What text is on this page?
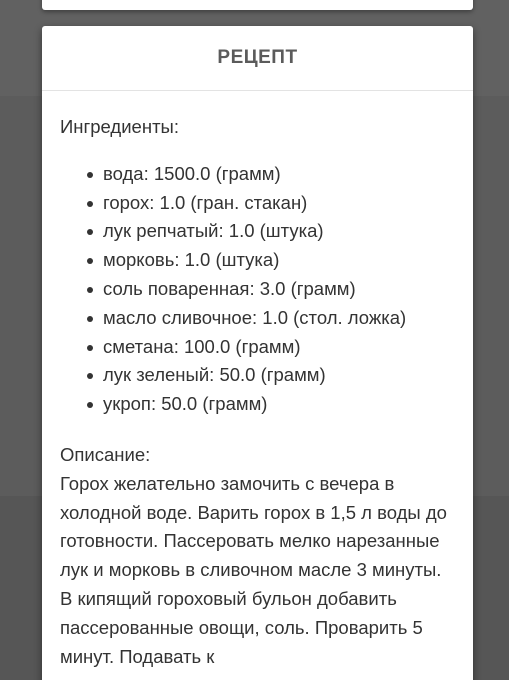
РЕЦЕПТ

Ингредиенты:

вода: 1500.0 (грамм)
горох: 1.0 (гран. стакан)
лук репчатый: 1.0 (штука)
морковь: 1.0 (штука)
соль поваренная: 3.0 (грамм)
масло сливочное: 1.0 (стол. ложка)
сметана: 100.0 (грамм)
лук зеленый: 50.0 (грамм)
укроп: 50.0 (грамм)

Описание:

Горох желательно замочить с вечера в холодной воде. Варить горох в 1,5 л воды до готовности. Пассеровать мелко нарезанные лук и морковь в сливочном масле 3 минуты. В кипящий гороховый бульон добавить пассерованные овощи, соль. Проварить 5 минут. Подавать к
